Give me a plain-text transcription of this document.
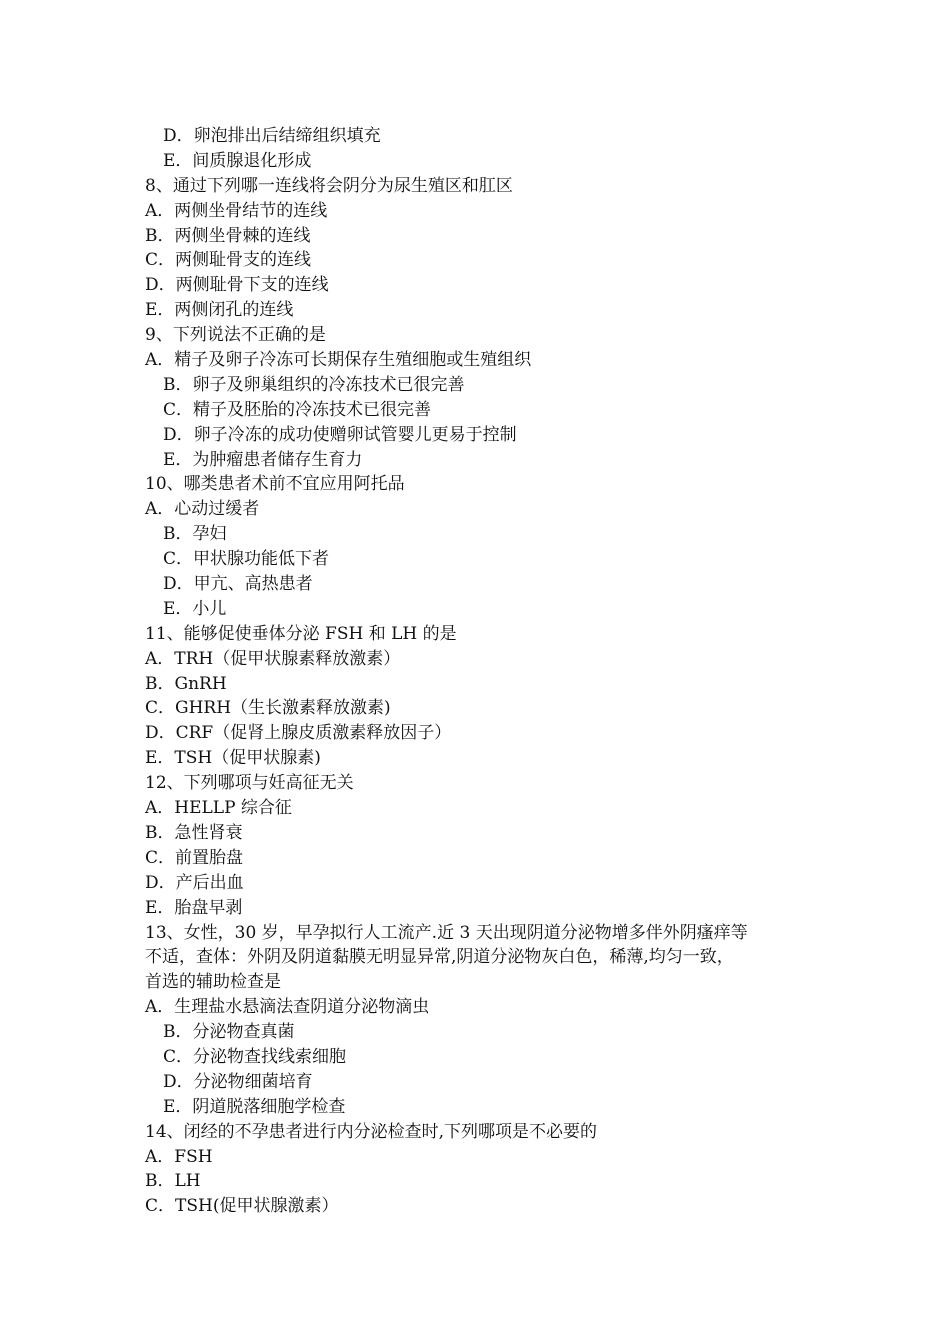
D．卵泡排出后结缔组织填充
E．间质腺退化形成
8、通过下列哪一连线将会阴分为尿生殖区和肛区
A．两侧坐骨结节的连线
B．两侧坐骨棘的连线
C．两侧耻骨支的连线
D．两侧耻骨下支的连线
E．两侧闭孔的连线
9、下列说法不正确的是
A．精子及卵子冷冻可长期保存生殖细胞或生殖组织
B．卵子及卵巢组织的冷冻技术已很完善
C．精子及胚胎的冷冻技术已很完善
D．卵子冷冻的成功使赠卵试管婴儿更易于控制
E．为肿瘤患者储存生育力
10、哪类患者术前不宜应用阿托品
A．心动过缓者
B．孕妇
C．甲状腺功能低下者
D．甲亢、高热患者
E．小儿
11、能够促使垂体分泌 FSH 和 LH 的是
A．TRH（促甲状腺素释放激素）
B．GnRH
C．GHRH（生长激素释放激素)
D．CRF（促肾上腺皮质激素释放因子）
E．TSH（促甲状腺素)
12、下列哪项与妊高征无关
A．HELLP 综合征
B．急性肾衰
C．前置胎盘
D．产后出血
E．胎盘早剥
13、女性，30 岁，早孕拟行人工流产.近 3 天出现阴道分泌物增多伴外阴瘙痒等
不适，查体：外阴及阴道黏膜无明显异常,阴道分泌物灰白色，稀薄,均匀一致，
首选的辅助检查是
A．生理盐水悬滴法查阴道分泌物滴虫
B．分泌物查真菌
C．分泌物查找线索细胞
D．分泌物细菌培育
E．阴道脱落细胞学检查
14、闭经的不孕患者进行内分泌检查时,下列哪项是不必要的
A．FSH
B．LH
C．TSH(促甲状腺激素）
